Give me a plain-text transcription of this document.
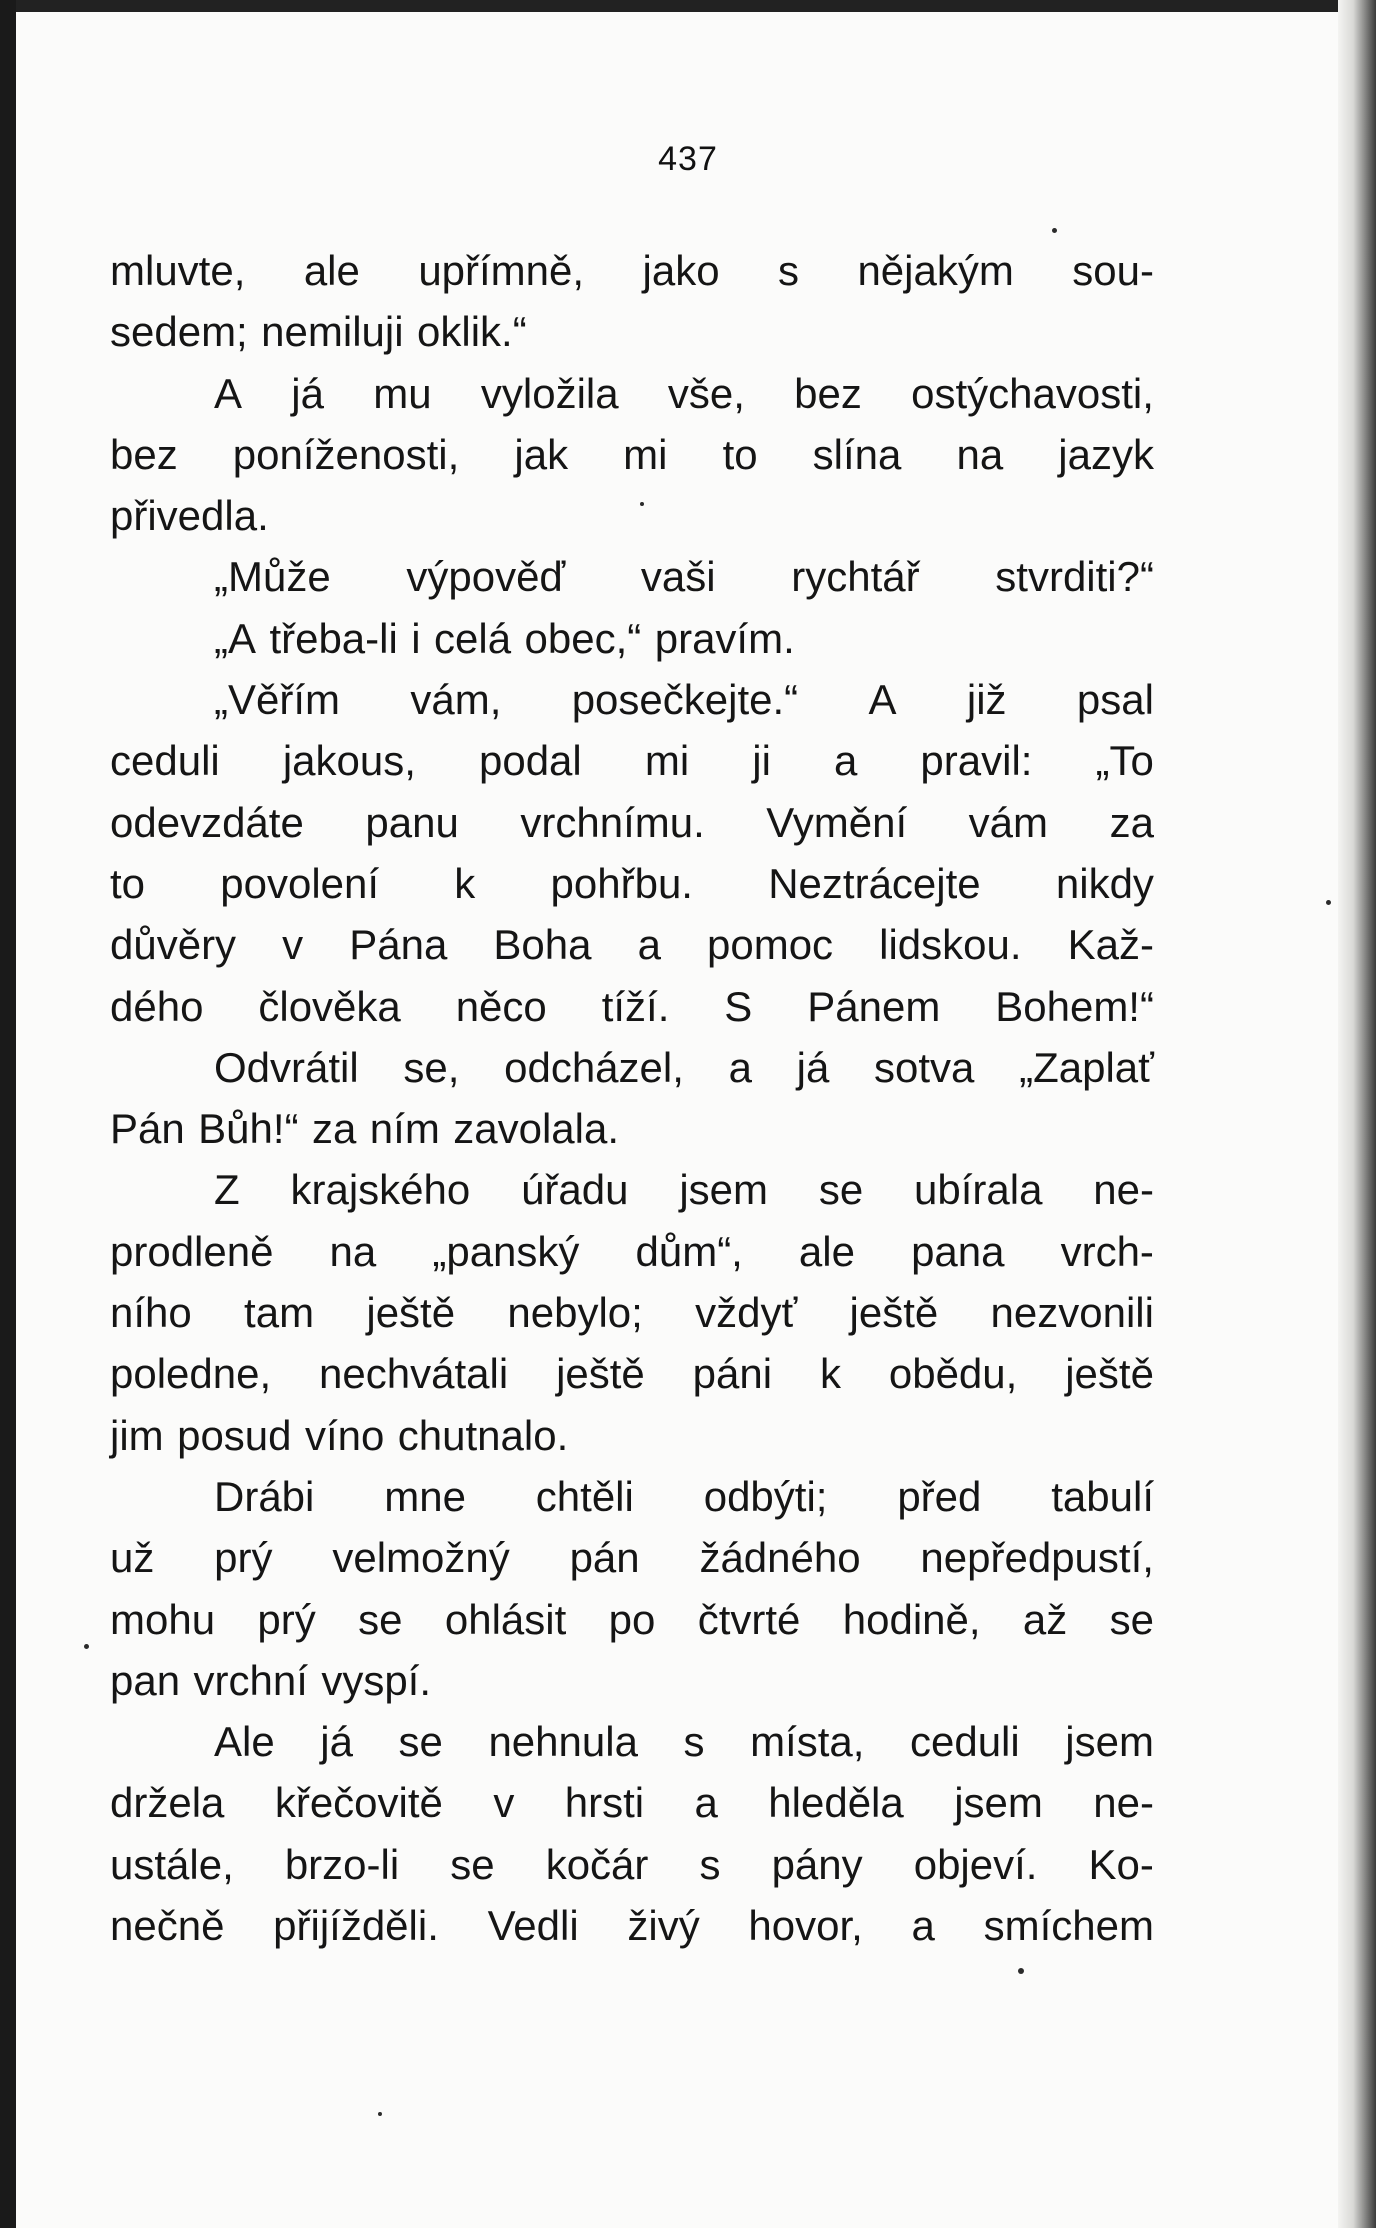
437
mluvte, ale upřímně, jako s nějakým sou-
sedem; nemiluji oklik.“
A já mu vyložila vše, bez ostýchavosti,
bez poníženosti, jak mi to slína na jazyk
přivedla.
„Může výpověď vaši rychtář stvrditi?“
„A třeba-li i celá obec,“ pravím.
„Věřím vám, posečkejte.“ A již psal
ceduli jakous, podal mi ji a pravil: „To
odevzdáte panu vrchnímu. Vymění vám za
to povolení k pohřbu. Neztrácejte nikdy
důvěry v Pána Boha a pomoc lidskou. Kaž-
dého člověka něco tíží. S Pánem Bohem!“
Odvrátil se, odcházel, a já sotva „Zaplať
Pán Bůh!“ za ním zavolala.
Z krajského úřadu jsem se ubírala ne-
prodleně na „panský dům“, ale pana vrch-
ního tam ještě nebylo; vždyť ještě nezvonili
poledne, nechvátali ještě páni k obědu, ještě
jim posud víno chutnalo.
Drábi mne chtěli odbýti; před tabulí
už prý velmožný pán žádného nepředpustí,
mohu prý se ohlásit po čtvrté hodině, až se
pan vrchní vyspí.
Ale já se nehnula s místa, ceduli jsem
držela křečovitě v hrsti a hleděla jsem ne-
ustále, brzo-li se kočár s pány objeví. Ko-
nečně přijížděli. Vedli živý hovor, a smíchem
